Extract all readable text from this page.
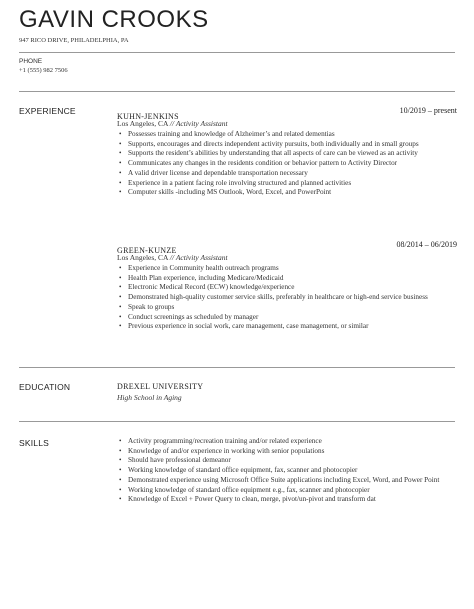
GAVIN CROOKS
947 RICO DRIVE, PHILADELPHIA, PA
PHONE
+1 (555) 982 7506
EXPERIENCE
KUHN-JENKINS
10/2019 – present
Los Angeles, CA // Activity Assistant
• Possesses training and knowledge of Alzheimer’s and related dementias
• Supports, encourages and directs independent activity pursuits, both individually and in small groups
• Supports the resident’s abilities by understanding that all aspects of care can be viewed as an activity
• Communicates any changes in the residents condition or behavior pattern to Activity Director
• A valid driver license and dependable transportation necessary
• Experience in a patient facing role involving structured and planned activities
• Computer skills -including MS Outlook, Word, Excel, and PowerPoint
GREEN-KUNZE
08/2014 – 06/2019
Los Angeles, CA // Activity Assistant
• Experience in Community health outreach programs
• Health Plan experience, including Medicare/Medicaid
• Electronic Medical Record (ECW) knowledge/experience
• Demonstrated high-quality customer service skills, preferably in healthcare or high-end service business
• Speak to groups
• Conduct screenings as scheduled by manager
• Previous experience in social work, care management, case management, or similar
EDUCATION	DREXEL UNIVERSITY
High School in Aging
SKILLS
•	Activity programming/recreation training and/or related experience
• Knowledge of and/or experience in working with senior populations
• Should have professional demeanor
• Working knowledge of standard office equipment, fax, scanner and photocopier
• Demonstrated experience using Microsoft Office Suite applications including Excel, Word, and Power Point
• Working knowledge of standard office equipment e.g., fax, scanner and photocopier
• Knowledge of Excel + Power Query to clean, merge, pivot/un-pivot and transform dat
